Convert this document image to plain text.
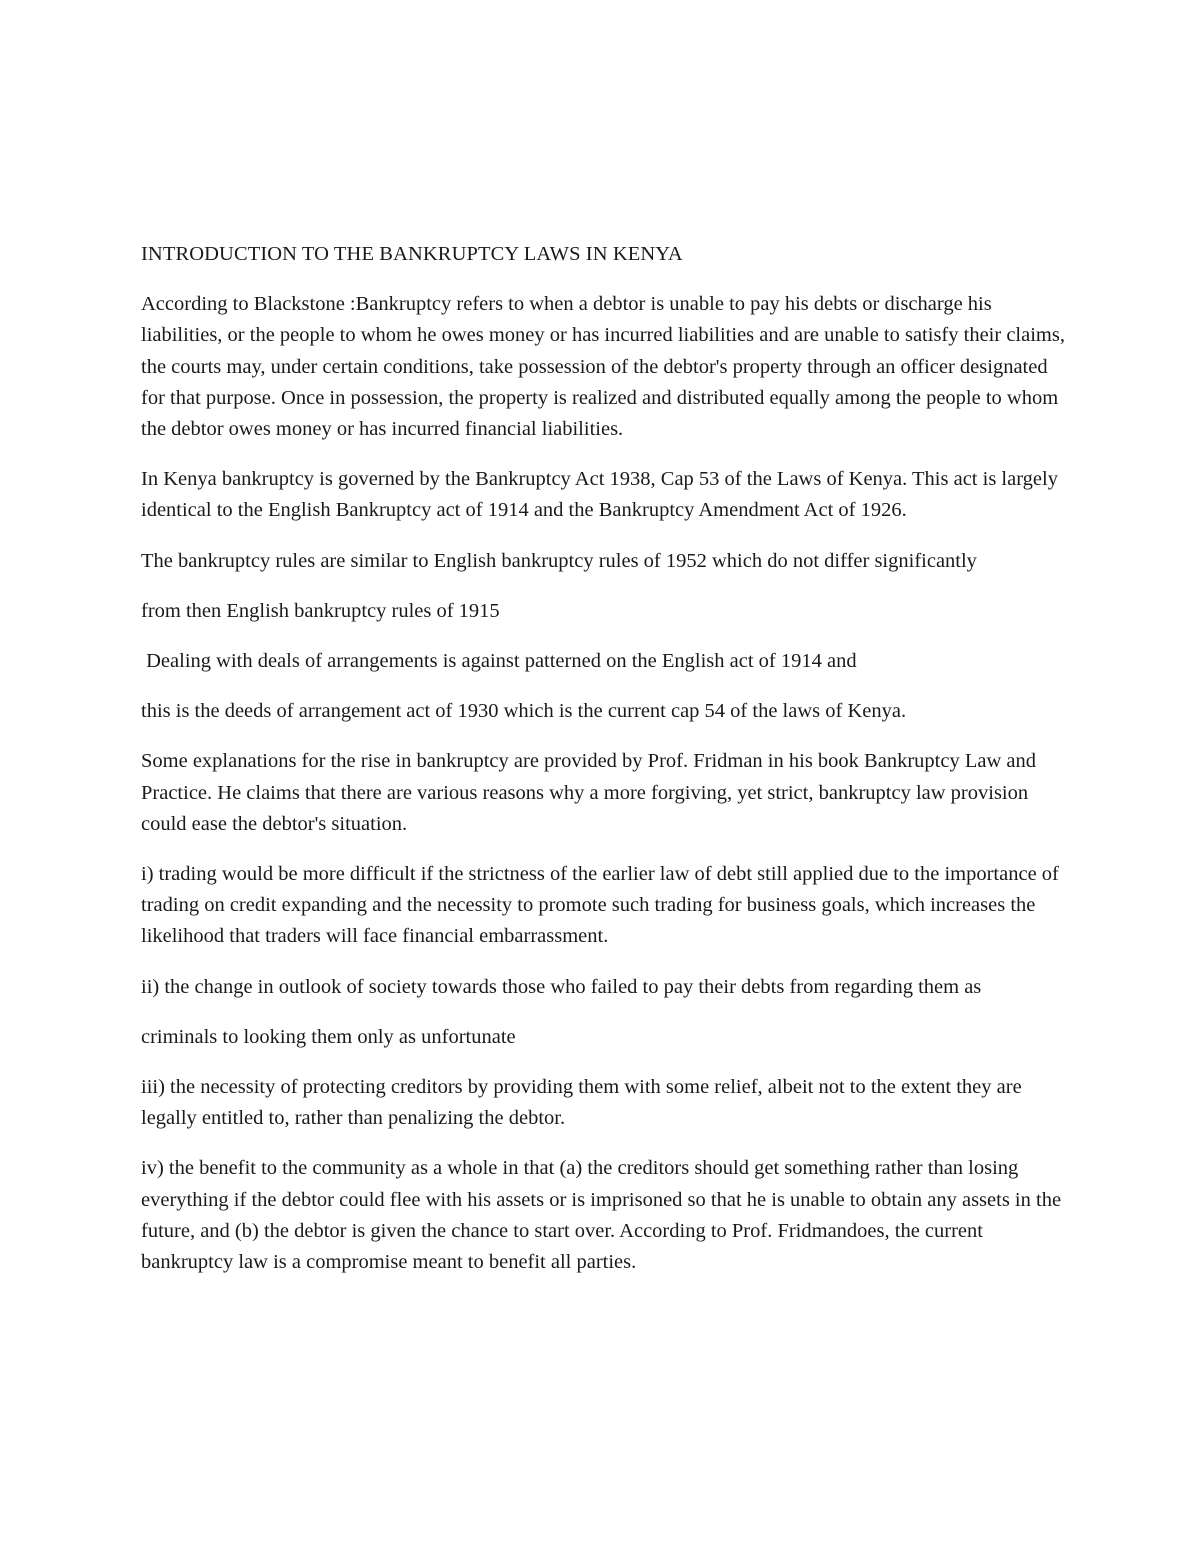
INTRODUCTION TO THE BANKRUPTCY LAWS IN KENYA

According to Blackstone :Bankruptcy refers to when a debtor is unable to pay his debts or discharge his liabilities, or the people to whom he owes money or has incurred liabilities and are unable to satisfy their claims, the courts may, under certain conditions, take possession of the debtor's property through an officer designated for that purpose. Once in possession, the property is realized and distributed equally among the people to whom the debtor owes money or has incurred financial liabilities.

In Kenya bankruptcy is governed by the Bankruptcy Act 1938, Cap 53 of the Laws of Kenya. This act is largely identical to the English Bankruptcy act of 1914 and the Bankruptcy Amendment Act of 1926.

The bankruptcy rules are similar to English bankruptcy rules of 1952 which do not differ significantly

from then English bankruptcy rules of 1915

Dealing with deals of arrangements is against patterned on the English act of 1914 and

this is the deeds of arrangement act of 1930 which is the current cap 54 of the laws of Kenya.

Some explanations for the rise in bankruptcy are provided by Prof. Fridman in his book Bankruptcy Law and Practice. He claims that there are various reasons why a more forgiving, yet strict, bankruptcy law provision could ease the debtor's situation.

i) trading would be more difficult if the strictness of the earlier law of debt still applied due to the importance of trading on credit expanding and the necessity to promote such trading for business goals, which increases the likelihood that traders will face financial embarrassment.

ii) the change in outlook of society towards those who failed to pay their debts from regarding them as

criminals to looking them only as unfortunate

iii) the necessity of protecting creditors by providing them with some relief, albeit not to the extent they are legally entitled to, rather than penalizing the debtor.

iv) the benefit to the community as a whole in that (a) the creditors should get something rather than losing everything if the debtor could flee with his assets or is imprisoned so that he is unable to obtain any assets in the future, and (b) the debtor is given the chance to start over. According to Prof. Fridmandoes, the current bankruptcy law is a compromise meant to benefit all parties.
